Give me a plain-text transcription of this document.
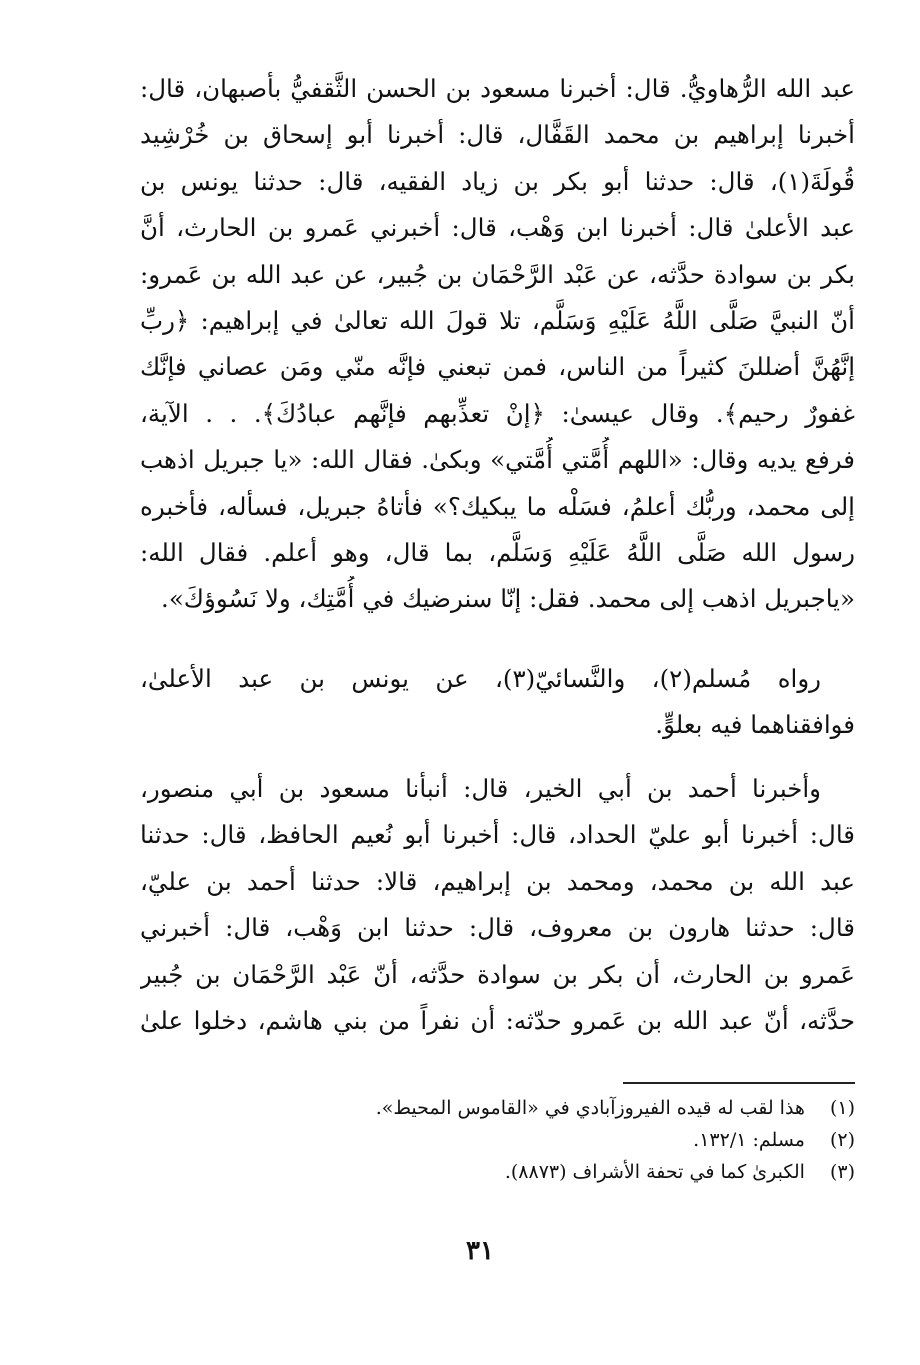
عبد الله الرُّهاويُّ. قال: أخبرنا مسعود بن الحسن الثَّقفيُّ بأصبهان، قال:
أخبرنا إبراهيم بن محمد القَفَّال، قال: أخبرنا أبو إسحاق بن خُرْشِيد
قُولَةَ(١)، قال: حدثنا أبو بكر بن زياد الفقيه، قال: حدثنا يونس بن
عبد الأعلىٰ قال: أخبرنا ابن وَهْب، قال: أخبرني عَمرو بن الحارث، أنَّ
بكر بن سوادة حدَّثه، عن عَبْد الرَّحْمَان بن جُبير، عن عبد الله بن عَمرو:
أنّ النبيَّ صَلَّى اللَّهُ عَلَيْهِ وَسَلَّم، تلا قولَ الله تعالىٰ في إبراهيم: ﴿ربِّ
إنَّهُنَّ أضللنَ كثيراً من الناس، فمن تبعني فإنَّه منّي ومَن عصاني فإنَّك
غفورٌ رحيم﴾. وقال عيسىٰ: ﴿إنْ تعذِّبهم فإنَّهم عبادُكَ﴾. . . الآية،
فرفع يديه وقال: «اللهم أُمَّتي أُمَّتي» وبكىٰ. فقال الله: «يا جبريل اذهب
إلى محمد، وربُّك أعلمُ، فسَلْه ما يبكيك؟» فأتاهُ جبريل، فسأله، فأخبره
رسول الله صَلَّى اللَّهُ عَلَيْهِ وَسَلَّم، بما قال، وهو أعلم. فقال الله:
«ياجبريل اذهب إلى محمد. فقل: إنّا سنرضيك في أُمَّتِك، ولا نَسُوؤكَ».
رواه مُسلم(٢)، والنَّسائيّ(٣)، عن يونس بن عبد الأعلىٰ،
فوافقناهما فيه بعلوٍّ.
وأخبرنا أحمد بن أبي الخير، قال: أنبأنا مسعود بن أبي منصور،
قال: أخبرنا أبو عليّ الحداد، قال: أخبرنا أبو نُعيم الحافظ، قال: حدثنا
عبد الله بن محمد، ومحمد بن إبراهيم، قالا: حدثنا أحمد بن عليّ،
قال: حدثنا هارون بن معروف، قال: حدثنا ابن وَهْب، قال: أخبرني
عَمرو بن الحارث، أن بكر بن سوادة حدَّثه، أنّ عَبْد الرَّحْمَان بن جُبير
حدَّثه، أنّ عبد الله بن عَمرو حدّثه: أن نفراً من بني هاشم، دخلوا علىٰ
(١) هذا لقب له قيده الفيروزآبادي في «القاموس المحيط».
(٢) مسلم: ١٣٢/١.
(٣) الكبرىٰ كما في تحفة الأشراف (٨٨٧٣).
٣١
